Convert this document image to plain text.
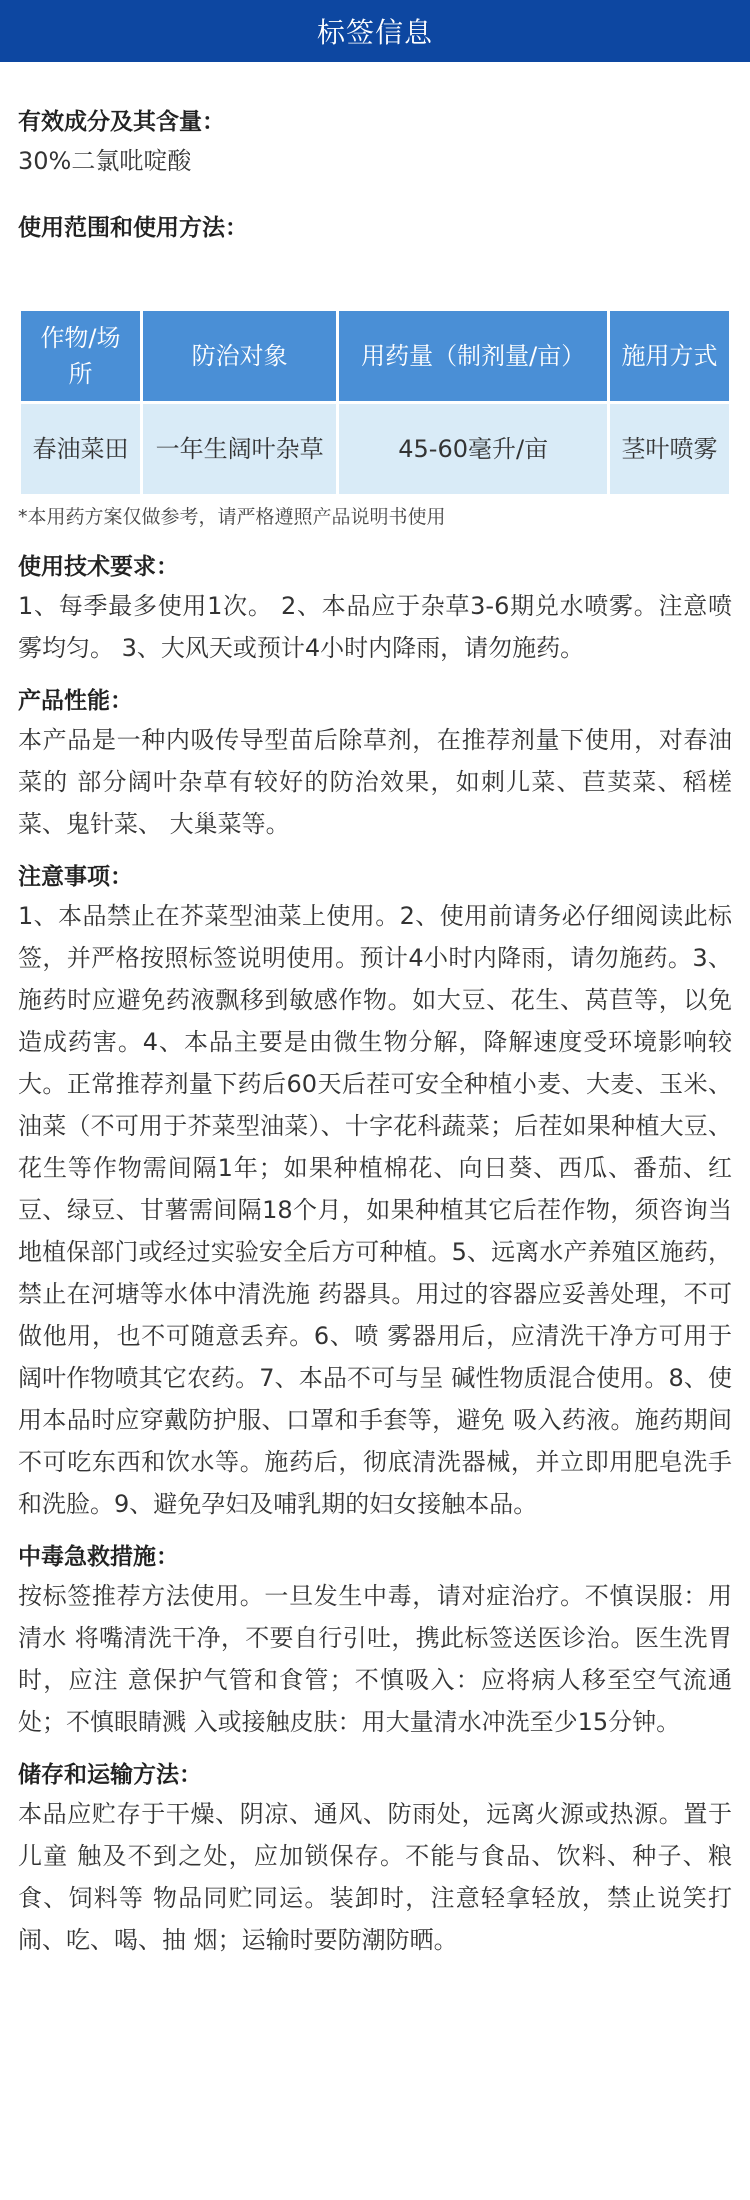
标签信息
有效成分及其含量：
30%二氯吡啶酸
使用范围和使用方法：
作物/场所	防治对象	用药量（制剂量/亩）	施用方式
春油菜田	一年生阔叶杂草	45-60毫升/亩	茎叶喷雾
*本用药方案仅做参考，请严格遵照产品说明书使用
使用技术要求：
1、每季最多使用1次。 2、本品应于杂草3-6期兑水喷雾。注意喷雾均匀。 3、大风天或预计4小时内降雨，请勿施药。
产品性能：
本产品是一种内吸传导型苗后除草剂，在推荐剂量下使用，对春油菜的 部分阔叶杂草有较好的防治效果，如刺儿菜、苣荬菜、稻槎菜、鬼针菜、 大巢菜等。
注意事项：
1、本品禁止在芥菜型油菜上使用。2、使用前请务必仔细阅读此标签，并严格按照标签说明使用。预计4小时内降雨，请勿施药。3、施药时应避免药液飘移到敏感作物。如大豆、花生、莴苣等，以免造成药害。4、本品主要是由微生物分解，降解速度受环境影响较大。正常推荐剂量下药后60天后茬可安全种植小麦、大麦、玉米、油菜（不可用于芥菜型油菜）、十字花科蔬菜；后茬如果种植大豆、花生等作物需间隔1年；如果种植棉花、向日葵、西瓜、番茄、红豆、绿豆、甘薯需间隔18个月，如果种植其它后茬作物，须咨询当地植保部门或经过实验安全后方可种植。5、远离水产养殖区施药，禁止在河塘等水体中清洗施 药器具。用过的容器应妥善处理，不可做他用，也不可随意丢弃。6、喷 雾器用后，应清洗干净方可用于阔叶作物喷其它农药。7、本品不可与呈 碱性物质混合使用。8、使用本品时应穿戴防护服、口罩和手套等，避免 吸入药液。施药期间不可吃东西和饮水等。施药后，彻底清洗器械，并立即用肥皂洗手和洗脸。9、避免孕妇及哺乳期的妇女接触本品。
中毒急救措施：
按标签推荐方法使用。一旦发生中毒，请对症治疗。不慎误服：用清水 将嘴清洗干净，不要自行引吐，携此标签送医诊治。医生洗胃时，应注 意保护气管和食管；不慎吸入：应将病人移至空气流通处；不慎眼睛溅 入或接触皮肤：用大量清水冲洗至少15分钟。
储存和运输方法：
本品应贮存于干燥、阴凉、通风、防雨处，远离火源或热源。置于儿童 触及不到之处，应加锁保存。不能与食品、饮料、种子、粮食、饲料等 物品同贮同运。装卸时，注意轻拿轻放，禁止说笑打闹、吃、喝、抽 烟；运输时要防潮防晒。
